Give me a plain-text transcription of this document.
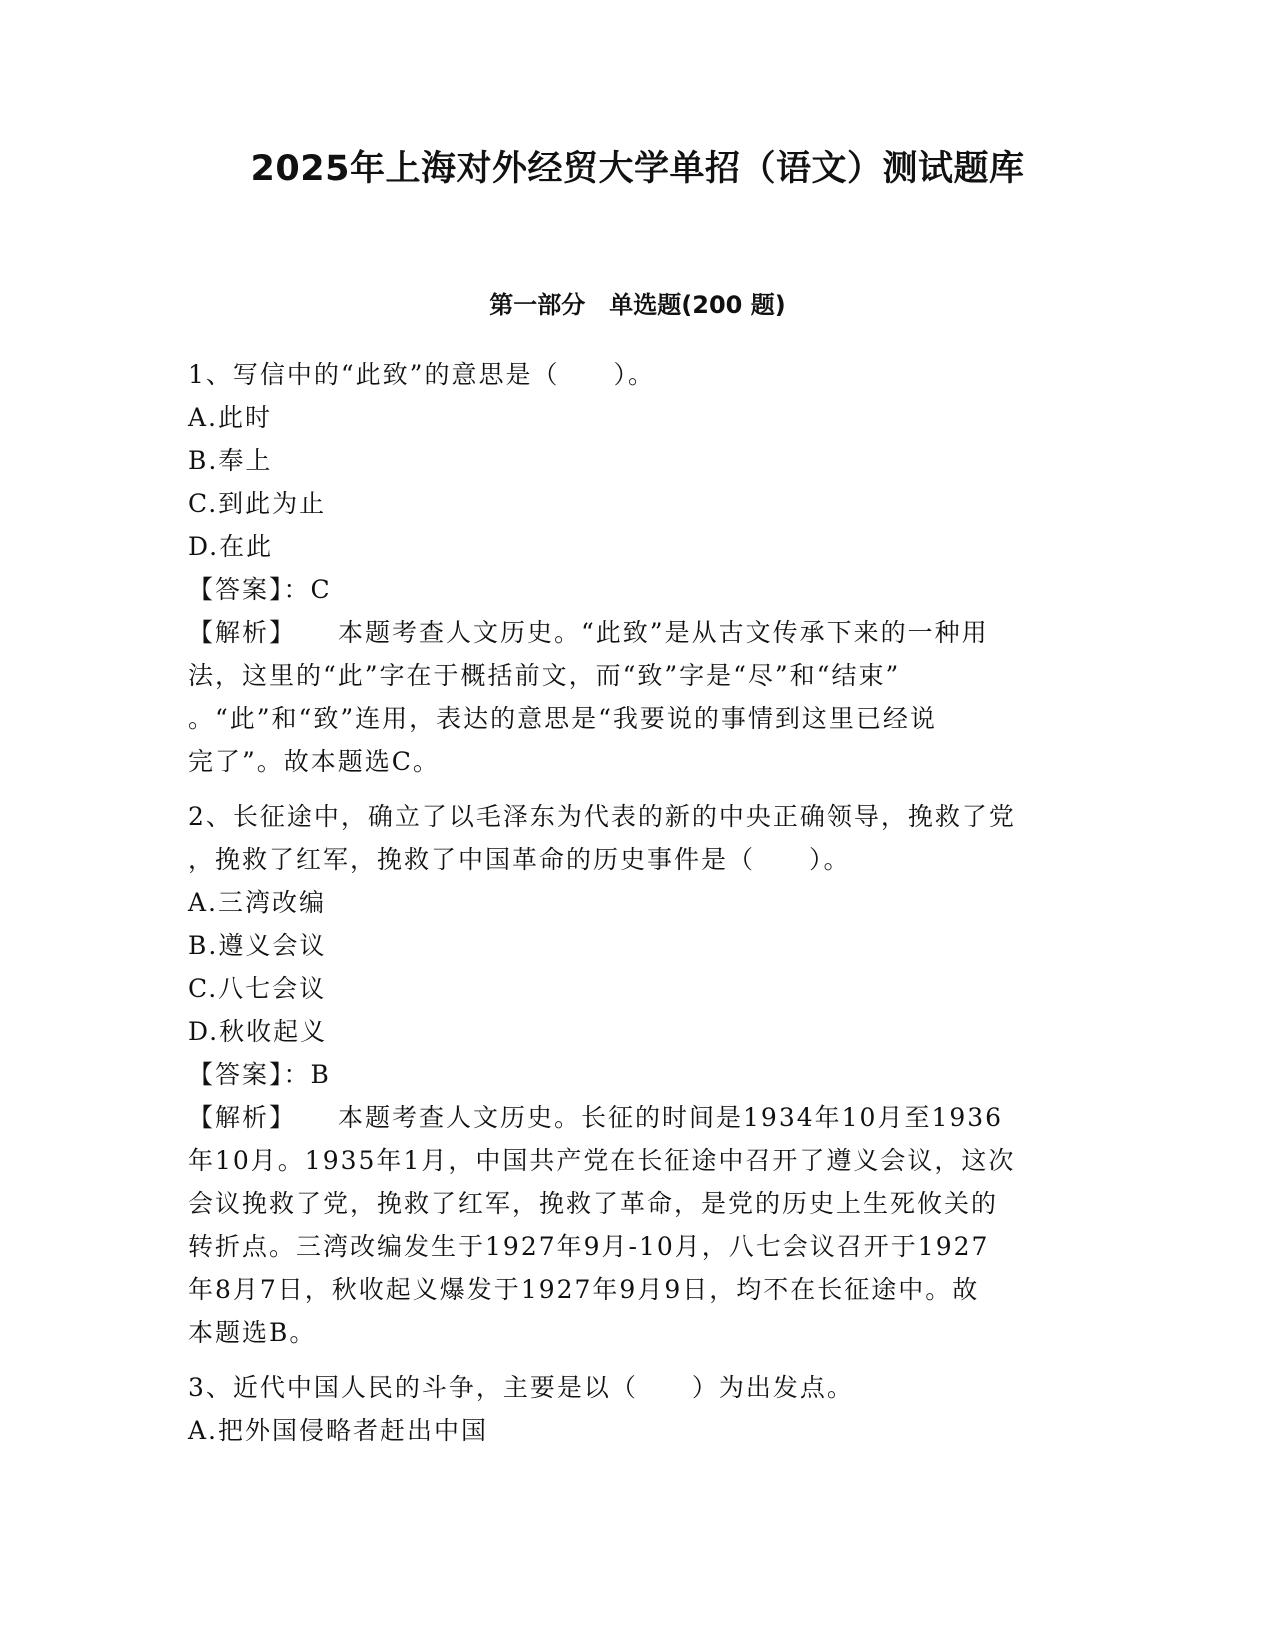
2025年上海对外经贸大学单招（语文）测试题库
第一部分　单选题(200 题)
1、写信中的“此致”的意思是（　　）。
A.此时
B.奉上
C.到此为止
D.在此
【答案】：C
【解析】 本题考查人文历史。“此致”是从古文传承下来的一种用
法，这里的“此”字在于概括前文，而“致”字是“尽”和“结束”
。“此”和“致”连用，表达的意思是“我要说的事情到这里已经说
完了”。故本题选C。
2、长征途中，确立了以毛泽东为代表的新的中央正确领导，挽救了党
，挽救了红军，挽救了中国革命的历史事件是（　　）。
A.三湾改编
B.遵义会议
C.八七会议
D.秋收起义
【答案】：B
【解析】 本题考查人文历史。长征的时间是1934年10月至1936
年10月。1935年1月，中国共产党在长征途中召开了遵义会议，这次
会议挽救了党，挽救了红军，挽救了革命，是党的历史上生死攸关的
转折点。三湾改编发生于1927年9月-10月，八七会议召开于1927
年8月7日，秋收起义爆发于1927年9月9日，均不在长征途中。故
本题选B。
3、近代中国人民的斗争，主要是以（　　）为出发点。
A.把外国侵略者赶出中国
